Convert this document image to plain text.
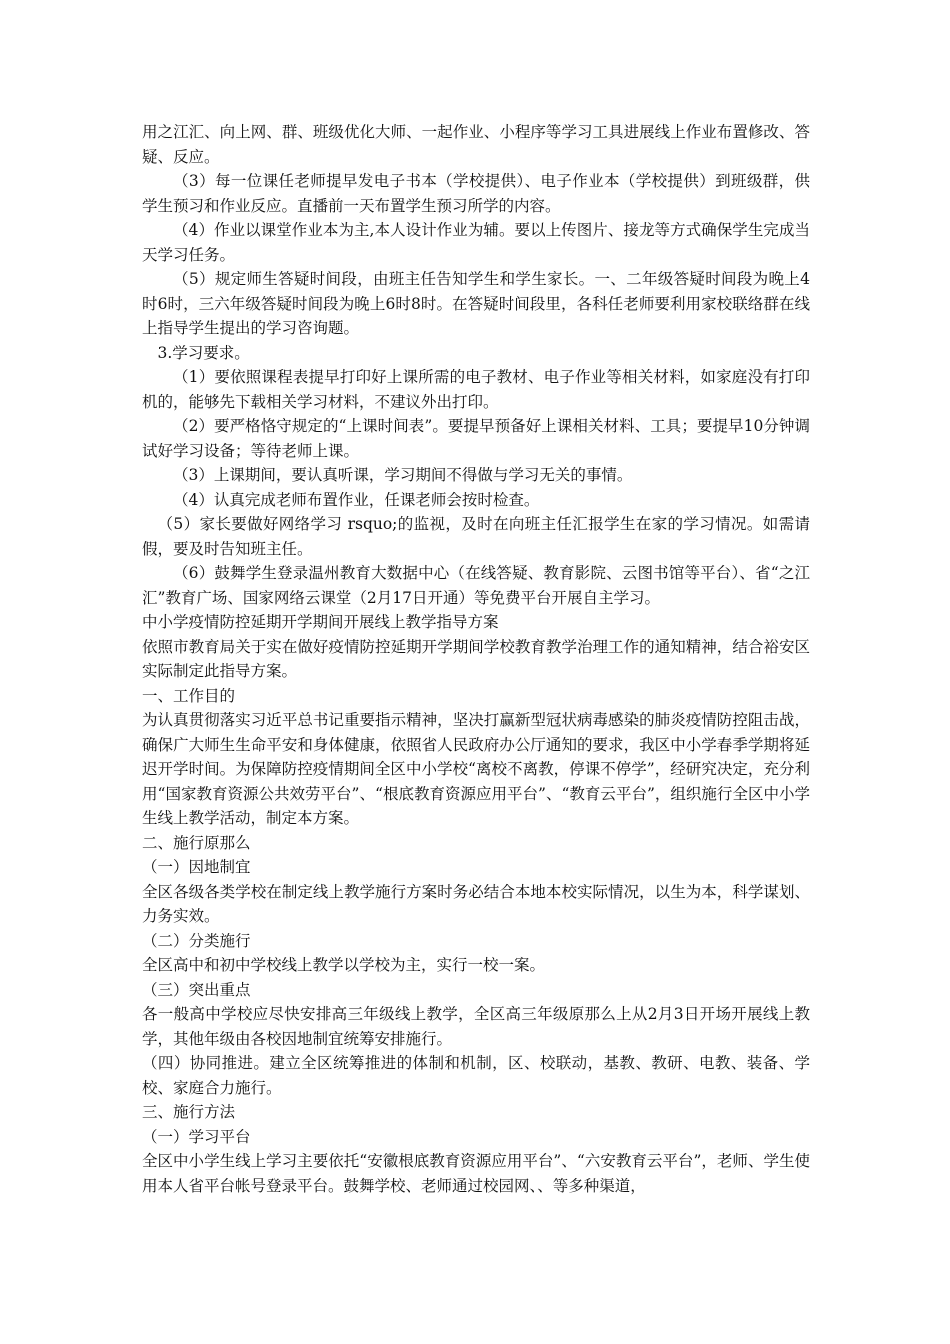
用之江汇、向上网、群、班级优化大师、一起作业、小程序等学习工具进展线上作业布置修改、答疑、反应。

（3）每一位课任老师提早发电子书本（学校提供）、电子作业本（学校提供）到班级群，供学生预习和作业反应。直播前一天布置学生预习所学的内容。

（4）作业以课堂作业本为主,本人设计作业为辅。要以上传图片、接龙等方式确保学生完成当天学习任务。

（5）规定师生答疑时间段，由班主任告知学生和学生家长。一、二年级答疑时间段为晚上4时6时，三六年级答疑时间段为晚上6时8时。在答疑时间段里，各科任老师要利用家校联络群在线上指导学生提出的学习咨询题。

3.学习要求。

（1）要依照课程表提早打印好上课所需的电子教材、电子作业等相关材料，如家庭没有打印机的，能够先下载相关学习材料，不建议外出打印。

（2）要严格恪守规定的“上课时间表”。要提早预备好上课相关材料、工具；要提早10分钟调试好学习设备；等待老师上课。

（3）上课期间，要认真听课，学习期间不得做与学习无关的事情。

（4）认真完成老师布置作业，任课老师会按时检查。

（5）家长要做好网络学习 rsquo;的监视，及时在向班主任汇报学生在家的学习情况。如需请假，要及时告知班主任。

（6）鼓舞学生登录温州教育大数据中心（在线答疑、教育影院、云图书馆等平台）、省“之江汇”教育广场、国家网络云课堂（2月17日开通）等免费平台开展自主学习。

中小学疫情防控延期开学期间开展线上教学指导方案

依照市教育局关于实在做好疫情防控延期开学期间学校教育教学治理工作的通知精神，结合裕安区实际制定此指导方案。

一、工作目的

为认真贯彻落实习近平总书记重要指示精神，坚决打赢新型冠状病毒感染的肺炎疫情防控阻击战，确保广大师生生命平安和身体健康，依照省人民政府办公厅通知的要求，我区中小学春季学期将延迟开学时间。为保障防控疫情期间全区中小学校“离校不离教，停课不停学”，经研究决定，充分利用“国家教育资源公共效劳平台”、“根底教育资源应用平台”、“教育云平台”，组织施行全区中小学生线上教学活动，制定本方案。

二、施行原那么

（一）因地制宜

全区各级各类学校在制定线上教学施行方案时务必结合本地本校实际情况，以生为本，科学谋划、力务实效。

（二）分类施行

全区高中和初中学校线上教学以学校为主，实行一校一案。

（三）突出重点

各一般高中学校应尽快安排高三年级线上教学，全区高三年级原那么上从2月3日开场开展线上教学，其他年级由各校因地制宜统筹安排施行。

（四）协同推进。建立全区统筹推进的体制和机制，区、校联动，基教、教研、电教、装备、学校、家庭合力施行。

三、施行方法

（一）学习平台

全区中小学生线上学习主要依托“安徽根底教育资源应用平台”、“六安教育云平台”，老师、学生使用本人省平台帐号登录平台。鼓舞学校、老师通过校园网、、等多种渠道，
